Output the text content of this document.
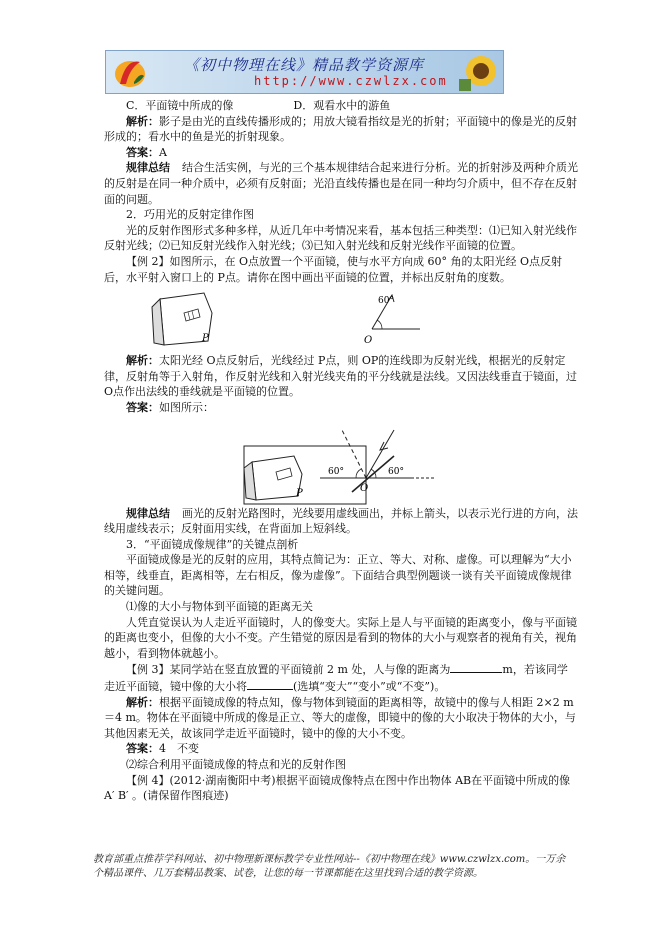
《初中物理在线》精品教学资源库
http://www.czwlzx.com

C．平面镜中所成的像	D．观看水中的游鱼

解析：影子是由光的直线传播形成的；用放大镜看指纹是光的折射；平面镜中的像是光的反射形成的；看水中的鱼是光的折射现象。

答案：A

规律总结 结合生活实例，与光的三个基本规律结合起来进行分析。光的折射涉及两种介质光的反射是在同一种介质中，必须有反射面；光沿直线传播也是在同一种均匀介质中，但不存在反射面的问题。

2．巧用光的反射定律作图

光的反射作图形式多种多样，从近几年中考情况来看，基本包括三种类型：⑴已知入射光线作反射光线；⑵已知反射光线作入射光线；⑶已知入射光线和反射光线作平面镜的位置。

【例 2】如图所示，在 O点放置一个平面镜，使与水平方向成 60° 角的太阳光经 O点反射后，水平射入窗口上的 P点。请你在图中画出平面镜的位置，并标出反射角的度数。

P
60°
O

解析：太阳光经 O点反射后，光线经过 P点，则 OP的连线即为反射光线，根据光的反射定律，反射角等于入射角，作反射光线和入射光线夹角的平分线就是法线。又因法线垂直于镜面，过 O点作出法线的垂线就是平面镜的位置。

答案：如图所示：

P
60°	60°
O

规律总结 画光的反射光路图时，光线要用虚线画出，并标上箭头，以表示光行进的方向，法线用虚线表示；反射面用实线，在背面加上短斜线。

3．“平面镜成像规律”的关键点剖析

平面镜成像是光的反射的应用，其特点简记为：正立、等大、对称、虚像。可以理解为“大小相等，线垂直，距离相等，左右相反，像为虚像”。下面结合典型例题谈一谈有关平面镜成像规律的关键问题。

⑴像的大小与物体到平面镜的距离无关

人凭直觉误认为人走近平面镜时，人的像变大。实际上是人与平面镜的距离变小，像与平面镜的距离也变小，但像的大小不变。产生错觉的原因是看到的物体的大小与观察者的视角有关，视角越小，看到物体就越小。

【例 3】某同学站在竖直放置的平面镜前 2 m 处，人与像的距离为	m，若该同学走近平面镜，镜中像的大小将	(选填“变大”“变小”或“不变”)。

解析：根据平面镜成像的特点知，像与物体到镜面的距离相等，故镜中的像与人相距 2×2 m＝4 m。物体在平面镜中所成的像是正立、等大的虚像，即镜中的像的大小取决于物体的大小，与其他因素无关，故该同学走近平面镜时，镜中的像的大小不变。

答案：4　不变

⑵综合利用平面镜成像的特点和光的反射作图

【例 4】(2012·湖南衡阳中考)根据平面镜成像特点在图中作出物体 AB在平面镜中所成的像 A′ B′ 。(请保留作图痕迹)

教育部重点推荐学科网站、初中物理新课标教学专业性网站--《初中物理在线》www.czwlzx.com。一万余个精品课件、几万套精品教案、试卷，让您的每一节课都能在这里找到合适的教学资源。
